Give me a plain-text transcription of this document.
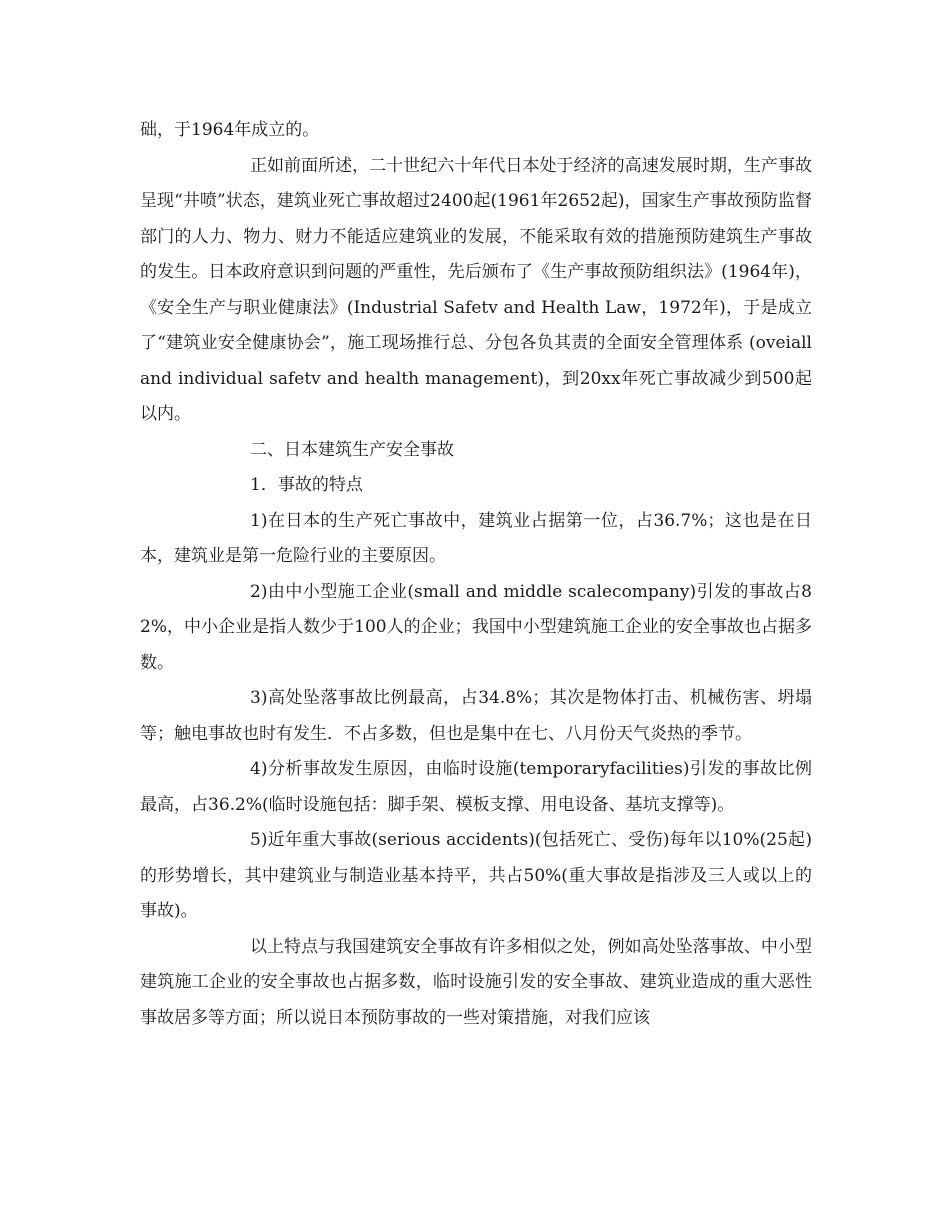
础，于1964年成立的。

正如前面所述，二十世纪六十年代日本处于经济的高速发展时期，生产事故呈现“井喷”状态，建筑业死亡事故超过2400起(1961年2652起)，国家生产事故预防监督部门的人力、物力、财力不能适应建筑业的发展，不能采取有效的措施预防建筑生产事故的发生。日本政府意识到问题的严重性，先后颁布了《生产事故预防组织法》(1964年)，《安全生产与职业健康法》(Industrial Safetv and Health Law，1972年)，于是成立了“建筑业安全健康协会”，施工现场推行总、分包各负其责的全面安全管理体系 (oveiall and individual safetv and health management)，到20xx年死亡事故减少到500起以内。

二、日本建筑生产安全事故

1．事故的特点

1)在日本的生产死亡事故中，建筑业占据第一位，占36.7%；这也是在日本，建筑业是第一危险行业的主要原因。

2)由中小型施工企业(small and middle scalecompany)引发的事故占82%，中小企业是指人数少于100人的企业；我国中小型建筑施工企业的安全事故也占据多数。

3)高处坠落事故比例最高，占34.8%；其次是物体打击、机械伤害、坍塌等；触电事故也时有发生．不占多数，但也是集中在七、八月份天气炎热的季节。

4)分析事故发生原因，由临时设施(temporaryfacilities)引发的事故比例最高，占36.2%(临时设施包括：脚手架、模板支撑、用电设备、基坑支撑等)。

5)近年重大事故(serious accidents)(包括死亡、受伤)每年以10%(25起)的形势增长，其中建筑业与制造业基本持平，共占50%(重大事故是指涉及三人或以上的事故)。

以上特点与我国建筑安全事故有许多相似之处，例如高处坠落事故、中小型建筑施工企业的安全事故也占据多数，临时设施引发的安全事故、建筑业造成的重大恶性事故居多等方面；所以说日本预防事故的一些对策措施，对我们应该
